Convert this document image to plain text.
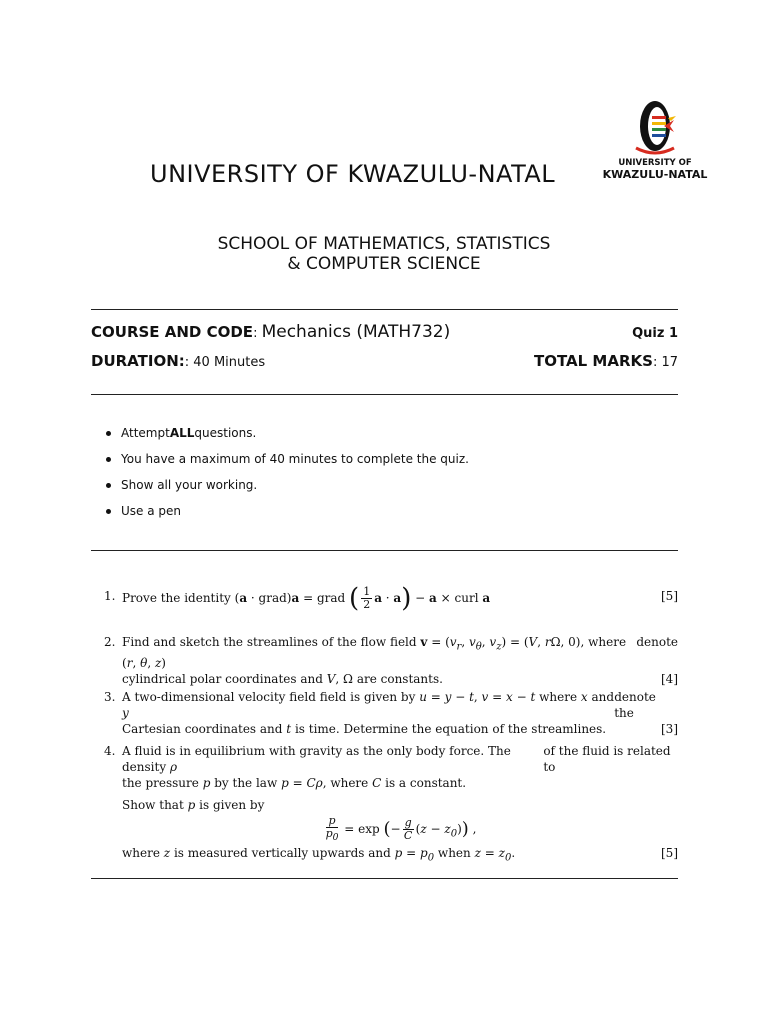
UNIVERSITY OF KWAZULU-NATAL	UNIVERSITY OF
KWAZULU-NATAL
SCHOOL OF MATHEMATICS, STATISTICS
& COMPUTER SCIENCE
COURSE AND CODE: Mechanics (MATH732)	Quiz 1
DURATION:: 40 Minutes	TOTAL MARKS: 17
Attempt ALL questions.
You have a maximum of 40 minutes to complete the quiz.
Show all your working.
Use a pen
1. Prove the identity (a · grad)a = grad ( $\frac{1}{2}$ a · a) − a × curl a	[5]
2. Find and sketch the streamlines of the flow field $v = (v_r$, $v_\theta$, $v_z) = (V$, rΩ, 0), where (r, θ, z)
denote
cylindrical polar coordinates and V, Ω are constants.	[4]
3. A two-dimensional velocity field field is given by u = y − t, v = x − t where x and y
denote the
Cartesian coordinates and t is time. Determine the equation of the streamlines.	[3]
4. A fluid is in equilibrium with gravity as the only body force. The density ρ
of the fluid is related to
the pressure p by the law p = Cρ, where C is a constant.
Show that p is given by
$\frac{p}{p_0} = \exp$ (− $\frac{g}{C} (z - z_0)$) ,
where z is measured vertically upwards and $p = p_0$ when $z = z_0$.	[5]
